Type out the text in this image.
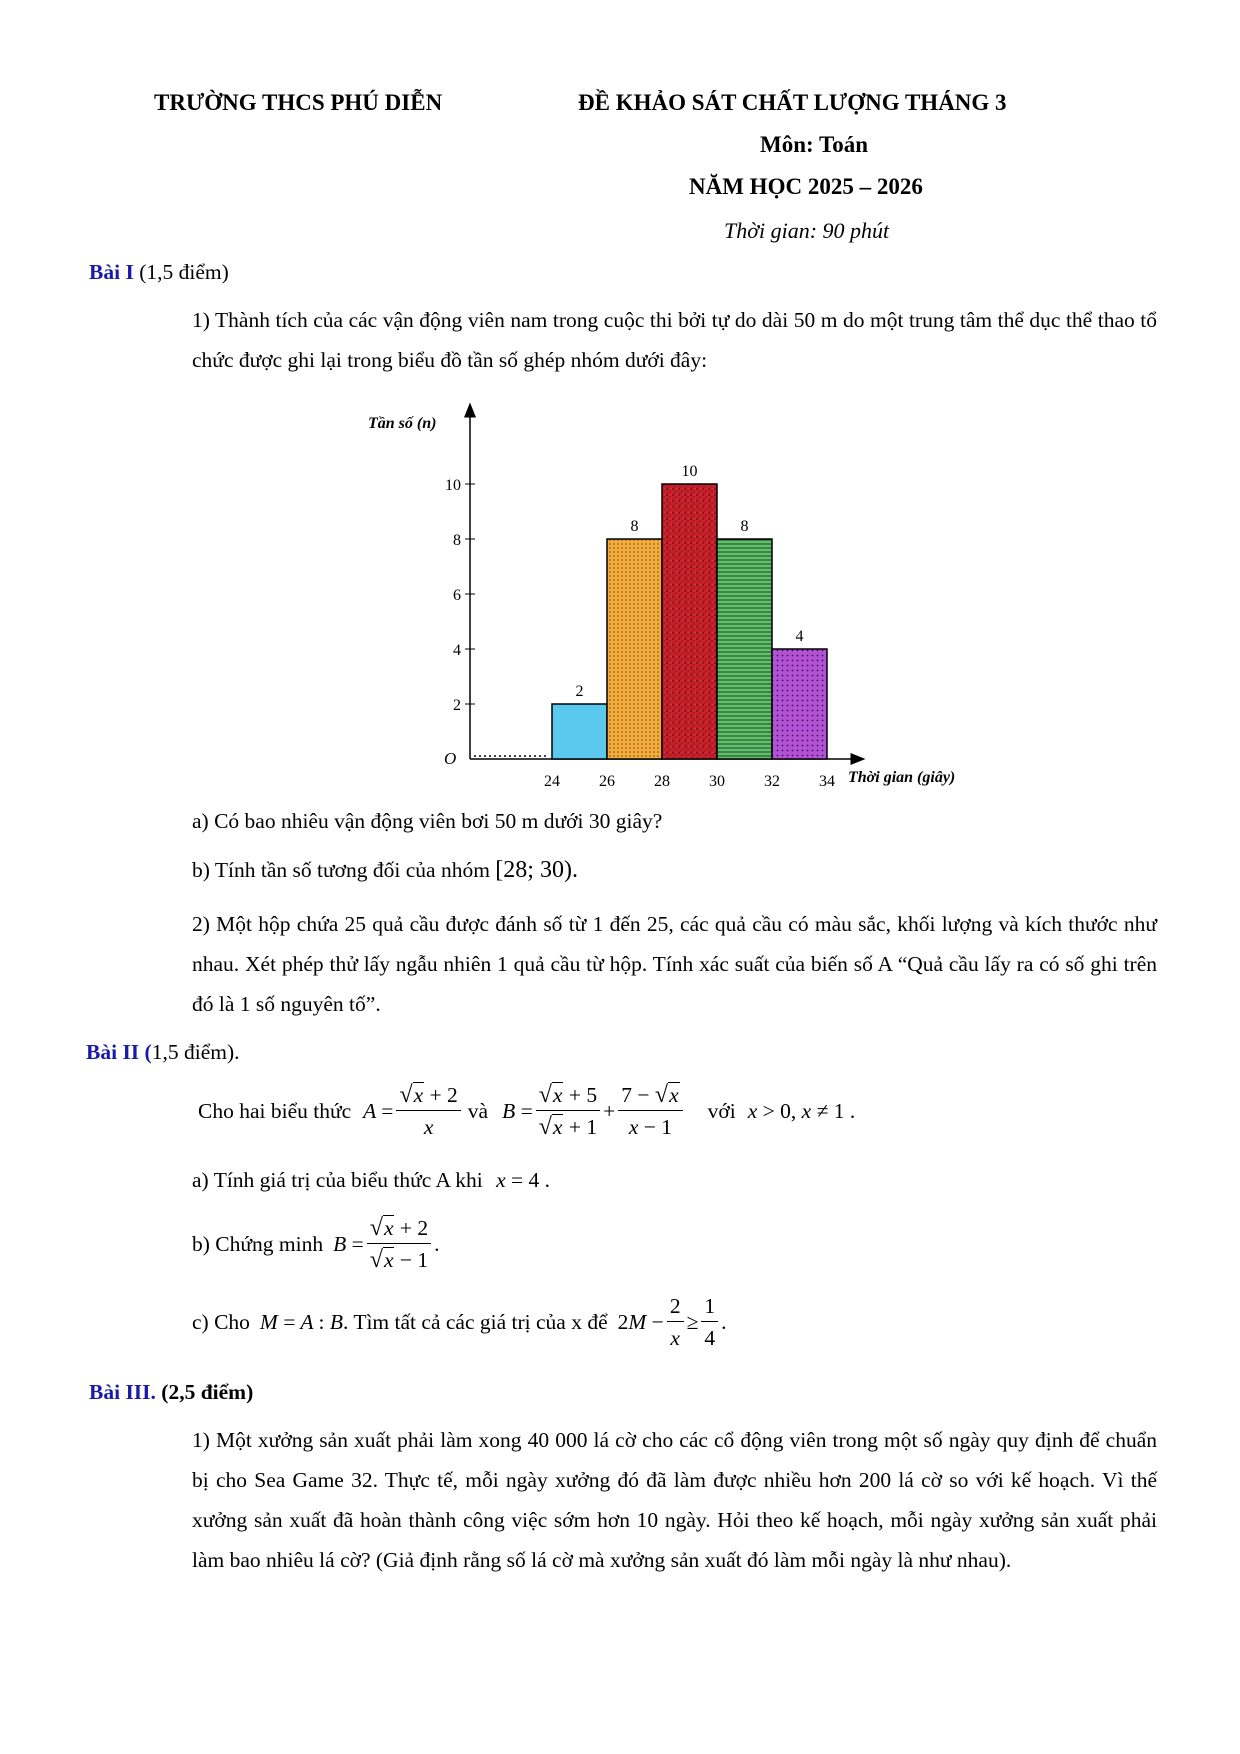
TRƯỜNG THCS PHÚ DIỄN	ĐỀ KHẢO SÁT CHẤT LƯỢNG THÁNG 3
Môn: Toán
NĂM HỌC 2025 – 2026
Thời gian: 90 phút
Bài I (1,5 điểm)
1) Thành tích của các vận động viên nam trong cuộc thi bởi tự do dài 50 m do một trung tâm thể dục thể thao tổ chức được ghi lại trong biểu đồ tần số ghép nhóm dưới đây:
2
4
6
8
10
24 26 28 30 32 34
2
8
10
8
4
Tần số (n)
Thời gian (giây)
O
a) Có bao nhiêu vận động viên bơi 50 m dưới 30 giây?
b) Tính tần số tương đối của nhóm [28; 30).
2) Một hộp chứa 25 quả cầu được đánh số từ 1 đến 25, các quả cầu có màu sắc, khối lượng và kích thước như nhau. Xét phép thử lấy ngẫu nhiên 1 quả cầu từ hộp. Tính xác suất của biến số A “Quả cầu lấy ra có số ghi trên đó là 1 số nguyên tố”.
Bài II (1,5 điểm).
Cho hai biểu thức $A = \frac{√x + 2}{x}$ và $B = \frac{√x + 5}{√x + 1} + \frac{7 - √x}{x - 1}$ với x > 0, x ≠ 1 .
a) Tính giá trị của biểu thức A khi x = 4 .
b) Chứng minh $B = \frac{√x + 2}{√x - 1}$ .
c) Cho M = A : B . Tìm tất cả các giá trị của x để $2M - \frac{2}{x} \ge \frac{1}{4}$ .
Bài III. (2,5 điểm)
1) Một xưởng sản xuất phải làm xong 40 000 lá cờ cho các cổ động viên trong một số ngày quy định để chuẩn bị cho Sea Game 32. Thực tế, mỗi ngày xưởng đó đã làm được nhiều hơn 200 lá cờ so với kế hoạch. Vì thế xưởng sản xuất đã hoàn thành công việc sớm hơn 10 ngày. Hỏi theo kế hoạch, mỗi ngày xưởng sản xuất phải làm bao nhiêu lá cờ? (Giả định rằng số lá cờ mà xưởng sản xuất đó làm mỗi ngày là như nhau).
